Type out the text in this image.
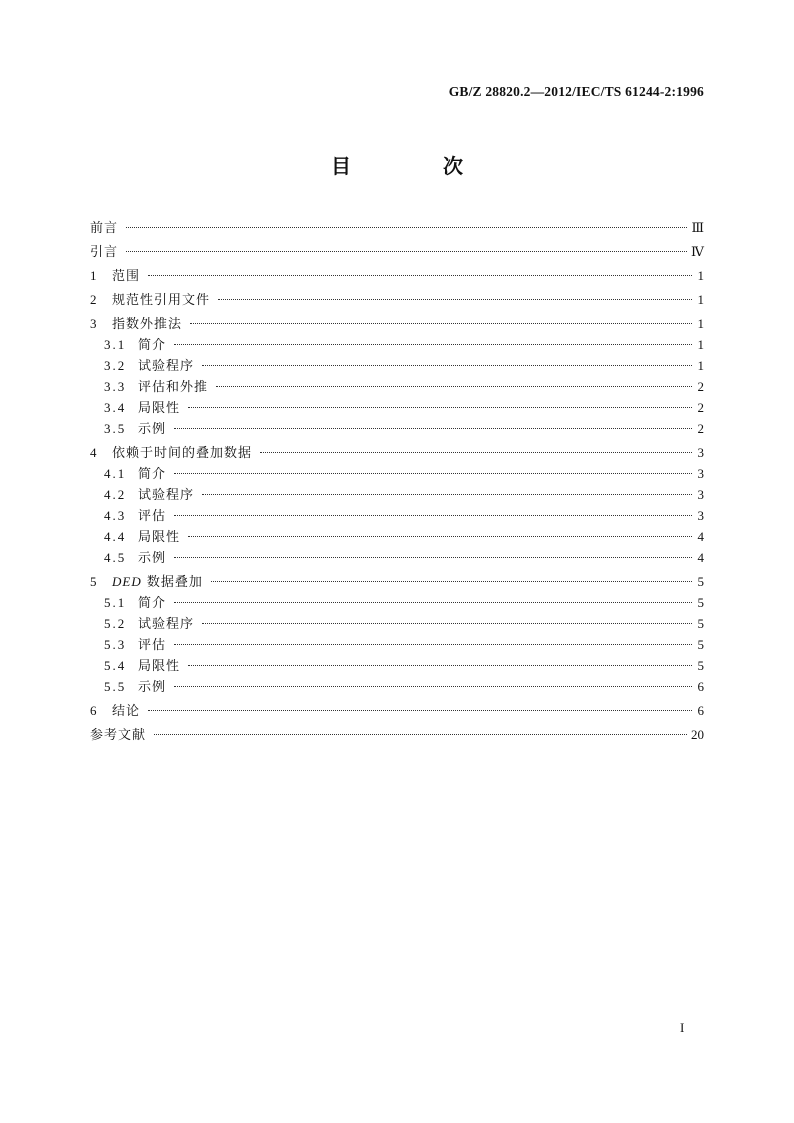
GB/Z 28820.2—2012/IEC/TS 61244-2:1996
目　次
前言	Ⅲ
引言	Ⅳ
1 范围	1
2 规范性引用文件	1
3 指数外推法	1
3.1 简介	1
3.2 试验程序	1
3.3 评估和外推	2
3.4 局限性	2
3.5 示例	2
4 依赖于时间的叠加数据	3
4.1 简介	3
4.2 试验程序	3
4.3 评估	3
4.4 局限性	4
4.5 示例	4
5 DED 数据叠加	5
5.1 简介	5
5.2 试验程序	5
5.3 评估	5
5.4 局限性	5
5.5 示例	6
6 结论	6
参考文献	20
I
